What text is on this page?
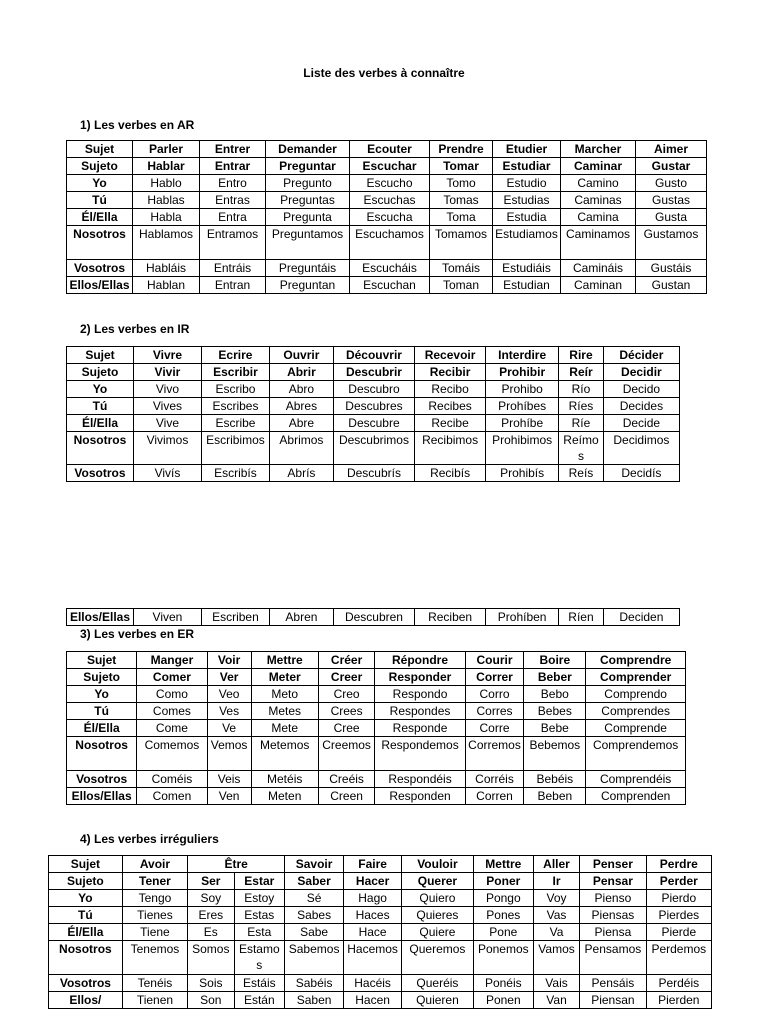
Liste des verbes à connaître
1) Les verbes en AR
Sujet	Parler	Entrer	Demander	Ecouter	Prendre	Etudier	Marcher	Aimer
Sujeto	Hablar	Entrar	Preguntar	Escuchar	Tomar	Estudiar	Caminar	Gustar
Yo	Hablo	Entro	Pregunto	Escucho	Tomo	Estudio	Camino	Gusto
Tú	Hablas	Entras	Preguntas	Escuchas	Tomas	Estudias	Caminas	Gustas
Él/Ella	Habla	Entra	Pregunta	Escucha	Toma	Estudia	Camina	Gusta
Nosotros	Hablamos	Entramos	Preguntamos	Escuchamos	Tomamos	Estudiamos	Caminamos	Gustamos
Vosotros	Habláis	Entráis	Preguntáis	Escucháis	Tomáis	Estudiáis	Camináis	Gustáis
Ellos/Ellas	Hablan	Entran	Preguntan	Escuchan	Toman	Estudian	Caminan	Gustan
2) Les verbes en IR
Sujet	Vivre	Ecrire	Ouvrir	Découvrir	Recevoir	Interdire	Rire	Décider
Sujeto	Vivir	Escribir	Abrir	Descubrir	Recibir	Prohibir	Reír	Decidir
Yo	Vivo	Escribo	Abro	Descubro	Recibo	Prohibo	Río	Decido
Tú	Vives	Escribes	Abres	Descubres	Recibes	Prohíbes	Ríes	Decides
Él/Ella	Vive	Escribe	Abre	Descubre	Recibe	Prohíbe	Ríe	Decide
Nosotros	Vivimos	Escribimos	Abrimos	Descubrimos	Recibimos	Prohibimos	Reímos	Decidimos
Vosotros	Vivís	Escribís	Abrís	Descubrís	Recibís	Prohibís	Reís	Decidís
Ellos/Ellas	Viven	Escriben	Abren	Descubren	Reciben	Prohíben	Ríen	Deciden
3) Les verbes en ER
Sujet	Manger	Voir	Mettre	Créer	Répondre	Courir	Boire	Comprendre
Sujeto	Comer	Ver	Meter	Creer	Responder	Correr	Beber	Comprender
Yo	Como	Veo	Meto	Creo	Respondo	Corro	Bebo	Comprendo
Tú	Comes	Ves	Metes	Crees	Respondes	Corres	Bebes	Comprendes
Él/Ella	Come	Ve	Mete	Cree	Responde	Corre	Bebe	Comprende
Nosotros	Comemos	Vemos	Metemos	Creemos	Respondemos	Corremos	Bebemos	Comprendemos
Vosotros	Coméis	Veis	Metéis	Creéis	Respondéis	Corréis	Bebéis	Comprendéis
Ellos/Ellas	Comen	Ven	Meten	Creen	Responden	Corren	Beben	Comprenden
4) Les verbes irréguliers
Sujet	Avoir	Être		Savoir	Faire	Vouloir	Mettre	Aller	Penser	Perdre
Sujeto	Tener	Ser	Estar	Saber	Hacer	Querer	Poner	Ir	Pensar	Perder
Yo	Tengo	Soy	Estoy	Sé	Hago	Quiero	Pongo	Voy	Pienso	Pierdo
Tú	Tienes	Eres	Estas	Sabes	Haces	Quieres	Pones	Vas	Piensas	Pierdes
Él/Ella	Tiene	Es	Esta	Sabe	Hace	Quiere	Pone	Va	Piensa	Pierde
Nosotros	Tenemos	Somos	Estamos	Sabemos	Hacemos	Queremos	Ponemos	Vamos	Pensamos	Perdemos
Vosotros	Tenéis	Sois	Estáis	Sabéis	Hacéis	Queréis	Ponéis	Vais	Pensáis	Perdéis
Ellos/	Tienen	Son	Están	Saben	Hacen	Quieren	Ponen	Van	Piensan	Pierden
